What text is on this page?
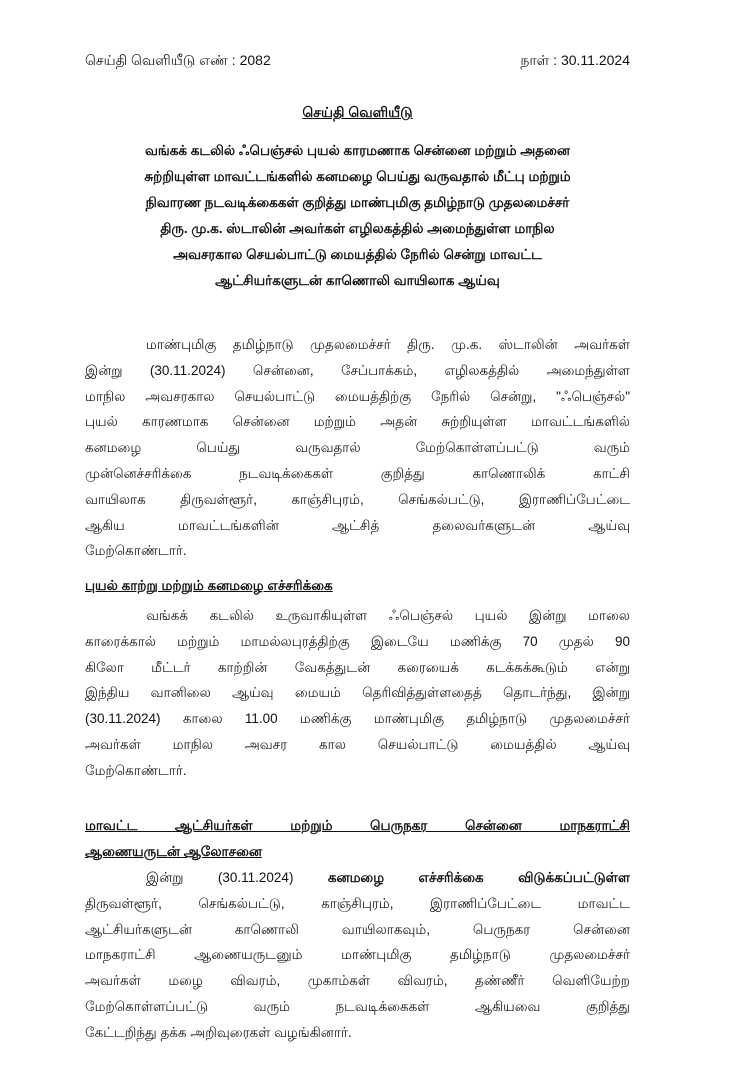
செய்தி வெளியீடு எண் : 2082	நாள் : 30.11.2024
செய்தி வெளியீடு
வங்கக் கடலில் ஃபெஞ்சல் புயல் காரமணாக சென்னை மற்றும் அதனை
சுற்றியுள்ள மாவட்டங்களில் கனமழை பெய்து வருவதால் மீட்பு மற்றும்
நிவாரண நடவடிக்கைகள் குறித்து மாண்புமிகு தமிழ்நாடு முதலமைச்சர்
திரு. மு.க. ஸ்டாலின் அவர்கள் எழிலகத்தில் அமைந்துள்ள மாநில
அவசரகால செயல்பாட்டு மையத்தில் நேரில் சென்று மாவட்ட
ஆட்சியர்களுடன் காணொலி வாயிலாக ஆய்வு
மாண்புமிகு தமிழ்நாடு முதலமைச்சர் திரு. மு.க. ஸ்டாலின் அவர்கள்
இன்று (30.11.2024) சென்னை, சேப்பாக்கம், எழிலகத்தில் அமைந்துள்ள
மாநில அவசரகால செயல்பாட்டு மையத்திற்கு நேரில் சென்று, "ஃபெஞ்சல்"
புயல் காரணமாக சென்னை மற்றும் அதன் சுற்றியுள்ள மாவட்டங்களில்
கனமழை பெய்து வருவதால் மேற்கொள்ளப்பட்டு வரும்
முன்னெச்சரிக்கை நடவடிக்கைகள் குறித்து காணொலிக் காட்சி
வாயிலாக திருவள்ளூர், காஞ்சிபுரம், செங்கல்பட்டு, இராணிப்பேட்டை
ஆகிய மாவட்டங்களின் ஆட்சித் தலைவர்களுடன் ஆய்வு
மேற்கொண்டார்.
புயல் காற்று மற்றும் கனமழை எச்சரிக்கை
வங்கக் கடலில் உருவாகியுள்ள ஃபெஞ்சல் புயல் இன்று மாலை
காரைக்கால் மற்றும் மாமல்லபுரத்திற்கு இடையே மணிக்கு 70 முதல் 90
கிலோ மீட்டர் காற்றின் வேகத்துடன் கரையைக் கடக்கக்கூடும் என்று
இந்திய வானிலை ஆய்வு மையம் தெரிவித்துள்ளதைத் தொடர்ந்து, இன்று
(30.11.2024) காலை 11.00 மணிக்கு மாண்புமிகு தமிழ்நாடு முதலமைச்சர்
அவர்கள் மாநில அவசர கால செயல்பாட்டு மையத்தில் ஆய்வு
மேற்கொண்டார்.
மாவட்ட ஆட்சியர்கள் மற்றும் பெருநகர சென்னை மாநகராட்சி
ஆணையருடன் ஆலோசனை
இன்று (30.11.2024)	கனமழை எச்சரிக்கை விடுக்கப்பட்டுள்ள
திருவள்ளூர், செங்கல்பட்டு, காஞ்சிபுரம், இராணிப்பேட்டை மாவட்ட
ஆட்சியர்களுடன் காணொலி வாயிலாகவும், பெருநகர சென்னை
மாநகராட்சி ஆணையருடனும் மாண்புமிகு தமிழ்நாடு முதலமைச்சர்
அவர்கள் மழை விவரம், முகாம்கள் விவரம், தண்ணீர் வெளியேற்ற
மேற்கொள்ளப்பட்டு வரும் நடவடிக்கைகள் ஆகியவை குறித்து
கேட்டறிந்து தக்க அறிவுரைகள் வழங்கினார்.
